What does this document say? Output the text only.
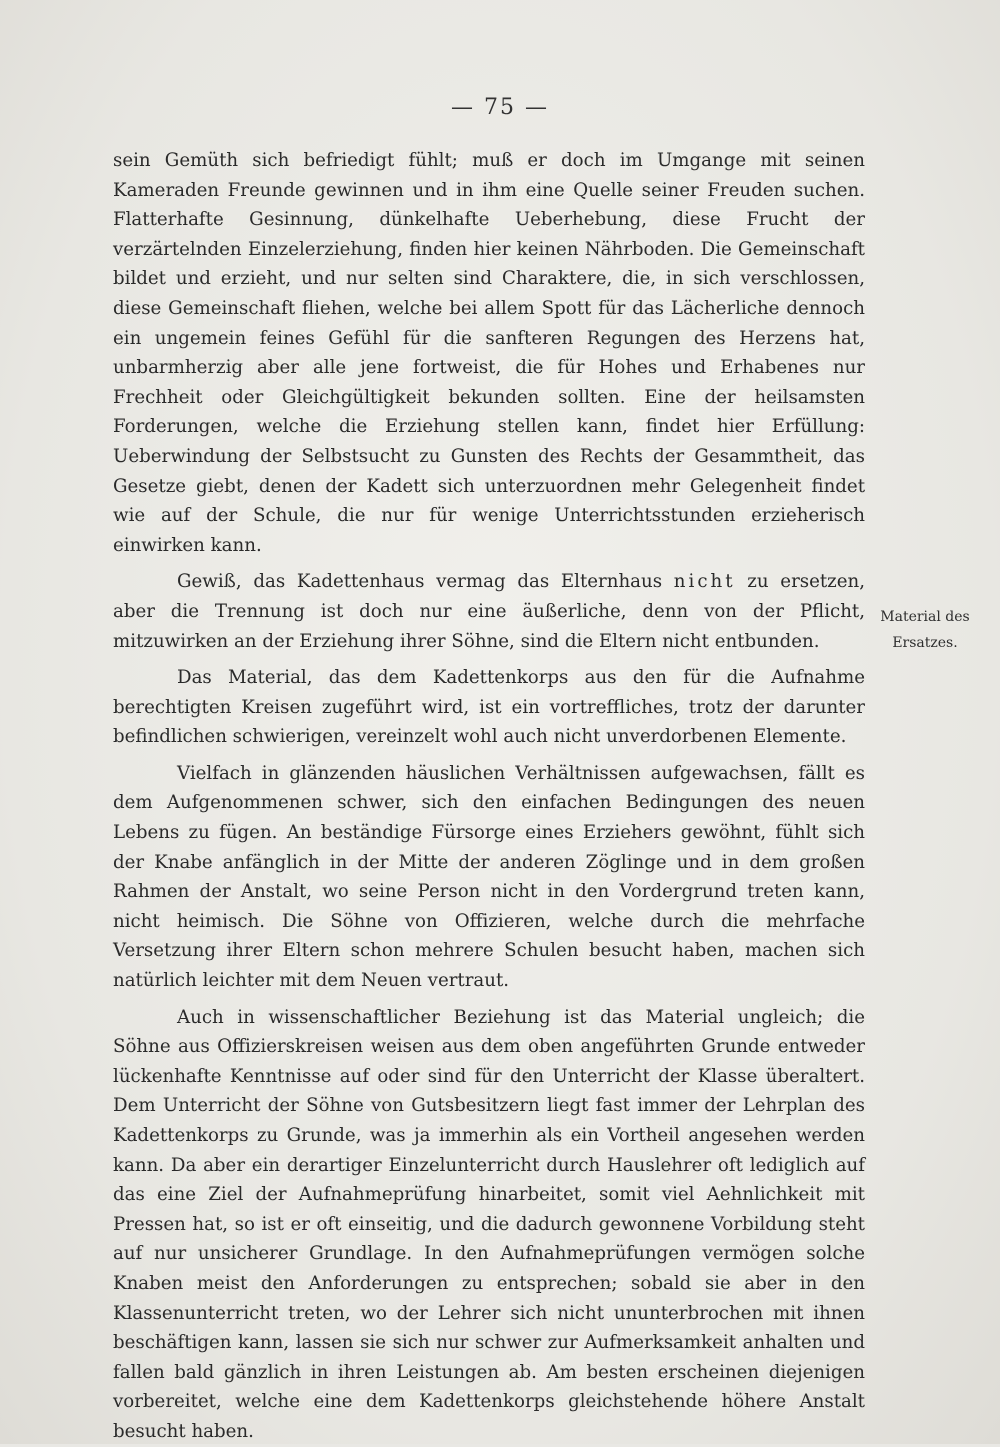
— 75 —

sein Gemüth sich befriedigt fühlt; muß er doch im Umgange mit seinen Kameraden Freunde gewinnen und in ihm eine Quelle seiner Freuden suchen. Flatterhafte Gesinnung, dünkelhafte Ueberhebung, diese Frucht der verzärtelnden Einzelerziehung, finden hier keinen Nährboden. Die Gemeinschaft bildet und erzieht, und nur selten sind Charaktere, die, in sich verschlossen, diese Gemeinschaft fliehen, welche bei allem Spott für das Lächerliche dennoch ein ungemein feines Gefühl für die sanfteren Regungen des Herzens hat, unbarmherzig aber alle jene fortweist, die für Hohes und Erhabenes nur Frechheit oder Gleichgültigkeit bekunden sollten. Eine der heilsamsten Forderungen, welche die Erziehung stellen kann, findet hier Erfüllung: Ueberwindung der Selbstsucht zu Gunsten des Rechts der Gesammtheit, das Gesetze giebt, denen der Kadett sich unterzuordnen mehr Gelegenheit findet wie auf der Schule, die nur für wenige Unterrichtsstunden erzieherisch einwirken kann.

Gewiß, das Kadettenhaus vermag das Elternhaus nicht zu ersetzen, aber die Trennung ist doch nur eine äußerliche, denn von der Pflicht, mitzuwirken an der Erziehung ihrer Söhne, sind die Eltern nicht entbunden.

Das Material, das dem Kadettenkorps aus den für die Aufnahme berechtigten Kreisen zugeführt wird, ist ein vortreffliches, trotz der darunter befindlichen schwierigen, vereinzelt wohl auch nicht unverdorbenen Elemente.

Vielfach in glänzenden häuslichen Verhältnissen aufgewachsen, fällt es dem Aufgenommenen schwer, sich den einfachen Bedingungen des neuen Lebens zu fügen. An beständige Fürsorge eines Erziehers gewöhnt, fühlt sich der Knabe anfänglich in der Mitte der anderen Zöglinge und in dem großen Rahmen der Anstalt, wo seine Person nicht in den Vordergrund treten kann, nicht heimisch. Die Söhne von Offizieren, welche durch die mehrfache Versetzung ihrer Eltern schon mehrere Schulen besucht haben, machen sich natürlich leichter mit dem Neuen vertraut.

Auch in wissenschaftlicher Beziehung ist das Material ungleich; die Söhne aus Offizierskreisen weisen aus dem oben angeführten Grunde entweder lückenhafte Kenntnisse auf oder sind für den Unterricht der Klasse überaltert. Dem Unterricht der Söhne von Gutsbesitzern liegt fast immer der Lehrplan des Kadettenkorps zu Grunde, was ja immerhin als ein Vortheil angesehen werden kann. Da aber ein derartiger Einzelunterricht durch Hauslehrer oft lediglich auf das eine Ziel der Aufnahmeprüfung hinarbeitet, somit viel Aehnlichkeit mit Pressen hat, so ist er oft einseitig, und die dadurch gewonnene Vorbildung steht auf nur unsicherer Grundlage. In den Aufnahmeprüfungen vermögen solche Knaben meist den Anforderungen zu entsprechen; sobald sie aber in den Klassenunterricht treten, wo der Lehrer sich nicht ununterbrochen mit ihnen beschäftigen kann, lassen sie sich nur schwer zur Aufmerksamkeit anhalten und fallen bald gänzlich in ihren Leistungen ab. Am besten erscheinen diejenigen vorbereitet, welche eine dem Kadettenkorps gleichstehende höhere Anstalt besucht haben.

Material des
Ersatzes.
